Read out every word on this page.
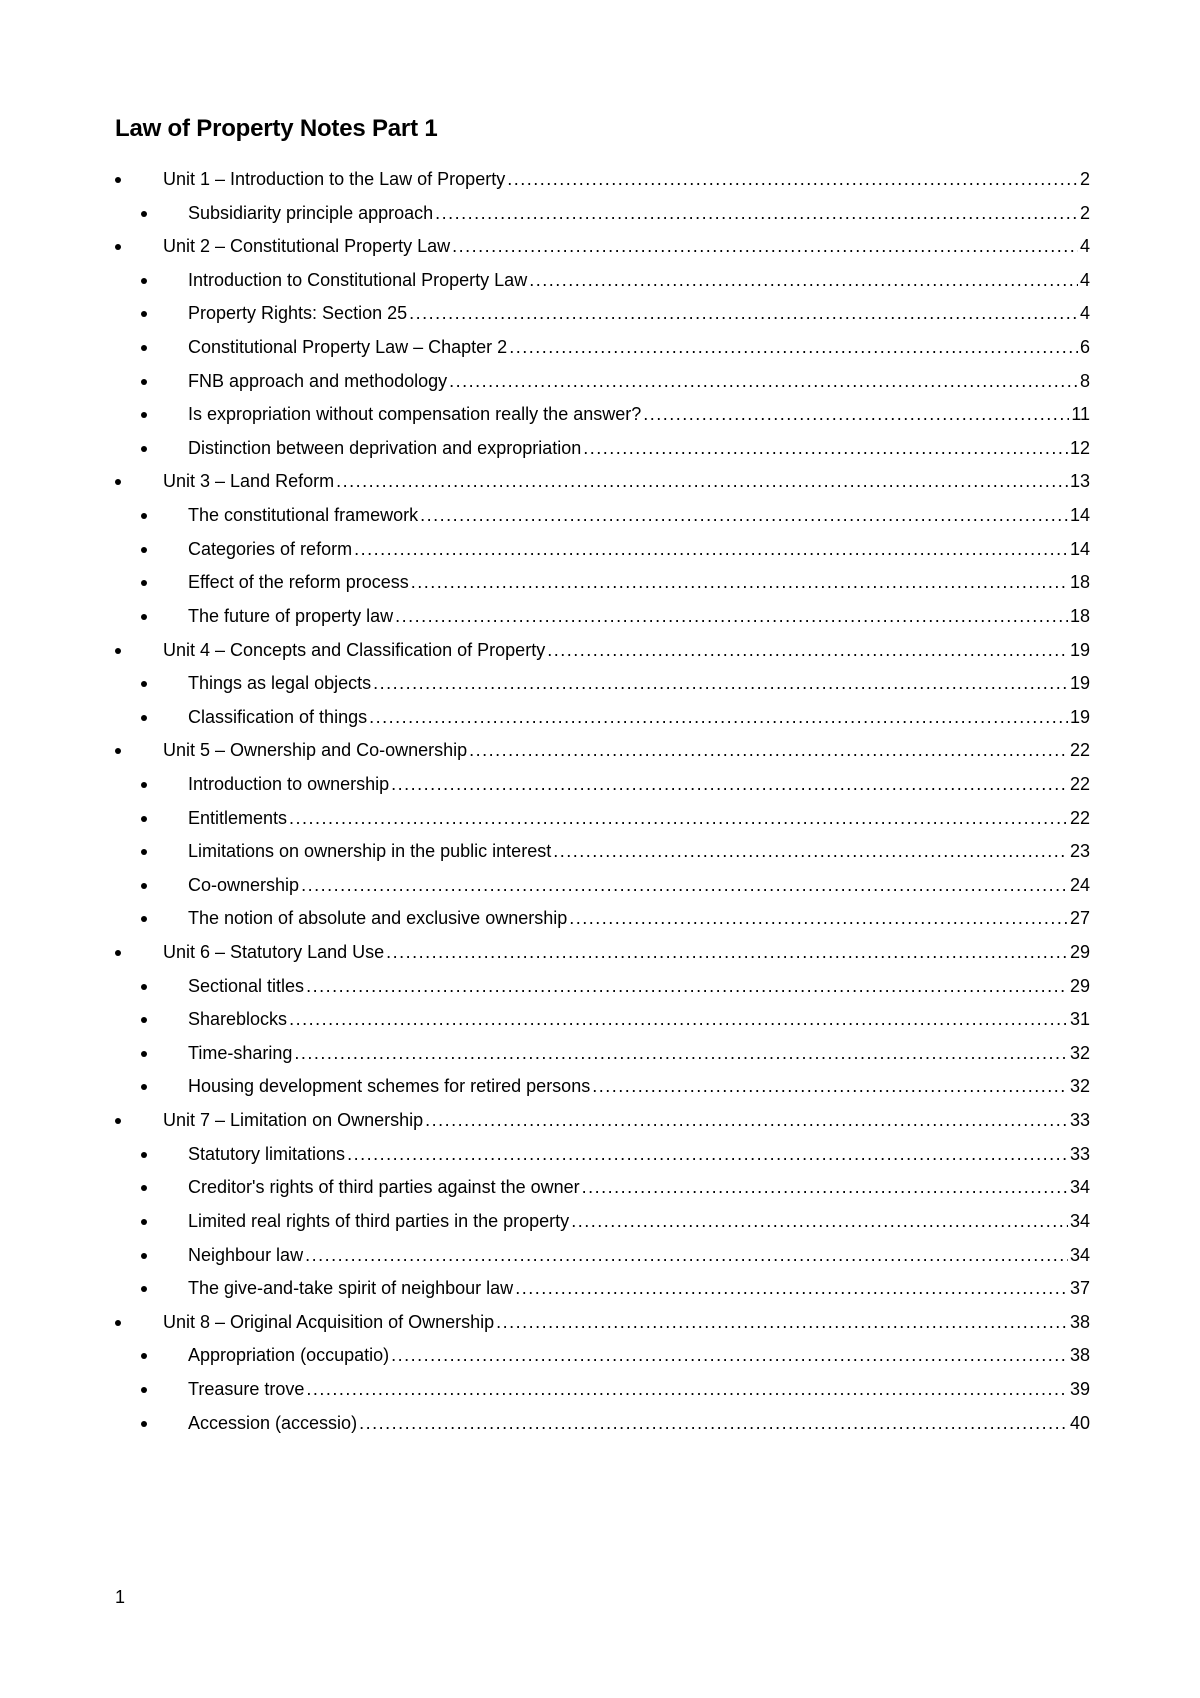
Law of Property Notes Part 1
Unit 1 – Introduction to the Law of Property .....	2
Subsidiarity principle approach .....	2
Unit 2 – Constitutional Property Law .....	4
Introduction to Constitutional Property Law .....	4
Property Rights: Section 25 .....	4
Constitutional Property Law – Chapter 2 .....	6
FNB approach and methodology .....	8
Is expropriation without compensation really the answer? .....	11
Distinction between deprivation and expropriation .....	12
Unit 3 – Land Reform .....	13
The constitutional framework .....	14
Categories of reform .....	14
Effect of the reform process .....	18
The future of property law .....	18
Unit 4 – Concepts and Classification of Property .....	19
Things as legal objects .....	19
Classification of things .....	19
Unit 5 – Ownership and Co-ownership .....	22
Introduction to ownership .....	22
Entitlements .....	22
Limitations on ownership in the public interest .....	23
Co-ownership .....	24
The notion of absolute and exclusive ownership .....	27
Unit 6 – Statutory Land Use .....	29
Sectional titles .....	29
Shareblocks .....	31
Time-sharing .....	32
Housing development schemes for retired persons .....	32
Unit 7 – Limitation on Ownership .....	33
Statutory limitations .....	33
Creditor's rights of third parties against the owner .....	34
Limited real rights of third parties in the property .....	34
Neighbour law .....	34
The give-and-take spirit of neighbour law .....	37
Unit 8 – Original Acquisition of Ownership .....	38
Appropriation (occupatio) .....	38
Treasure trove .....	39
Accession (accessio) .....	40
1
